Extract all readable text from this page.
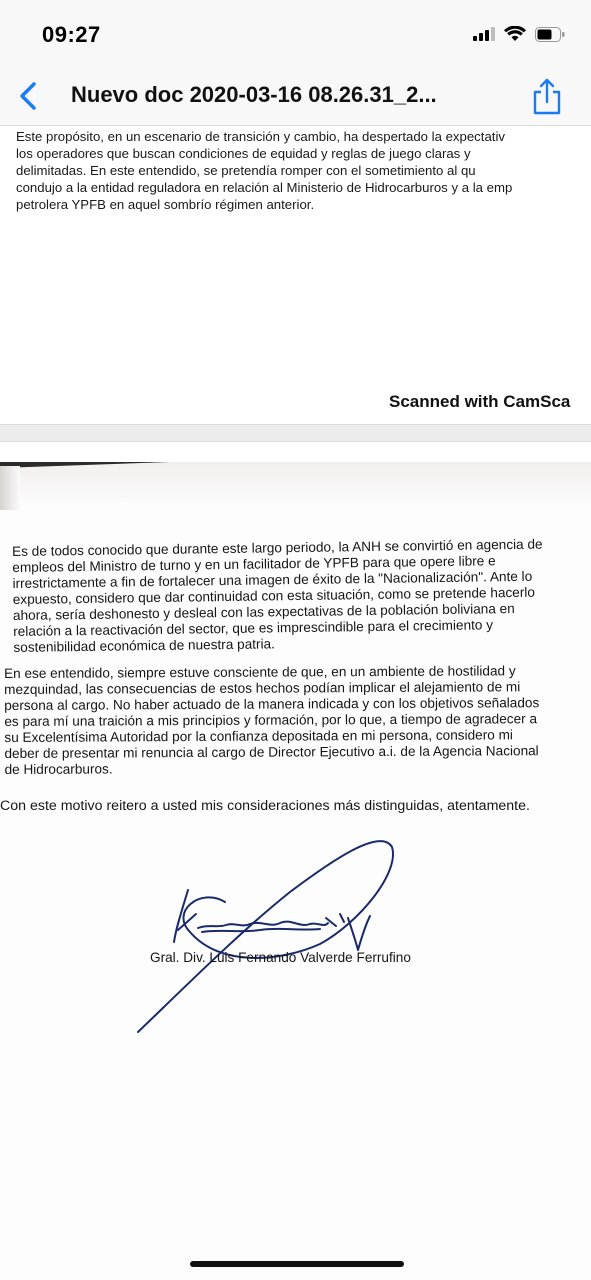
09:27
Nuevo doc 2020-03-16 08.26.31_2...
Este propósito, en un escenario de transición y cambio, ha despertado la expectativ
los operadores que buscan condiciones de equidad y reglas de juego claras y
delimitadas. En este entendido, se pretendía romper con el sometimiento al qu
condujo a la entidad reguladora en relación al Ministerio de Hidrocarburos y a la emp
petrolera YPFB en aquel sombrío régimen anterior.
Scanned with CamSca
Es de todos conocido que durante este largo periodo, la ANH se convirtió en agencia de
empleos del Ministro de turno y en un facilitador de YPFB para que opere libre e
irrestrictamente a fin de fortalecer una imagen de éxito de la "Nacionalización". Ante lo
expuesto, considero que dar continuidad con esta situación, como se pretende hacerlo
ahora, sería deshonesto y desleal con las expectativas de la población boliviana en
relación a la reactivación del sector, que es imprescindible para el crecimiento y
sostenibilidad económica de nuestra patria.
En ese entendido, siempre estuve consciente de que, en un ambiente de hostilidad y
mezquindad, las consecuencias de estos hechos podían implicar el alejamiento de mi
persona al cargo. No haber actuado de la manera indicada y con los objetivos señalados
es para mí una traición a mis principios y formación, por lo que, a tiempo de agradecer a
su Excelentísima Autoridad por la confianza depositada en mi persona, considero mi
deber de presentar mi renuncia al cargo de Director Ejecutivo a.i. de la Agencia Nacional
de Hidrocarburos.
Con este motivo reitero a usted mis consideraciones más distinguidas, atentamente.
Gral. Div. Luis Fernando Valverde Ferrufino
